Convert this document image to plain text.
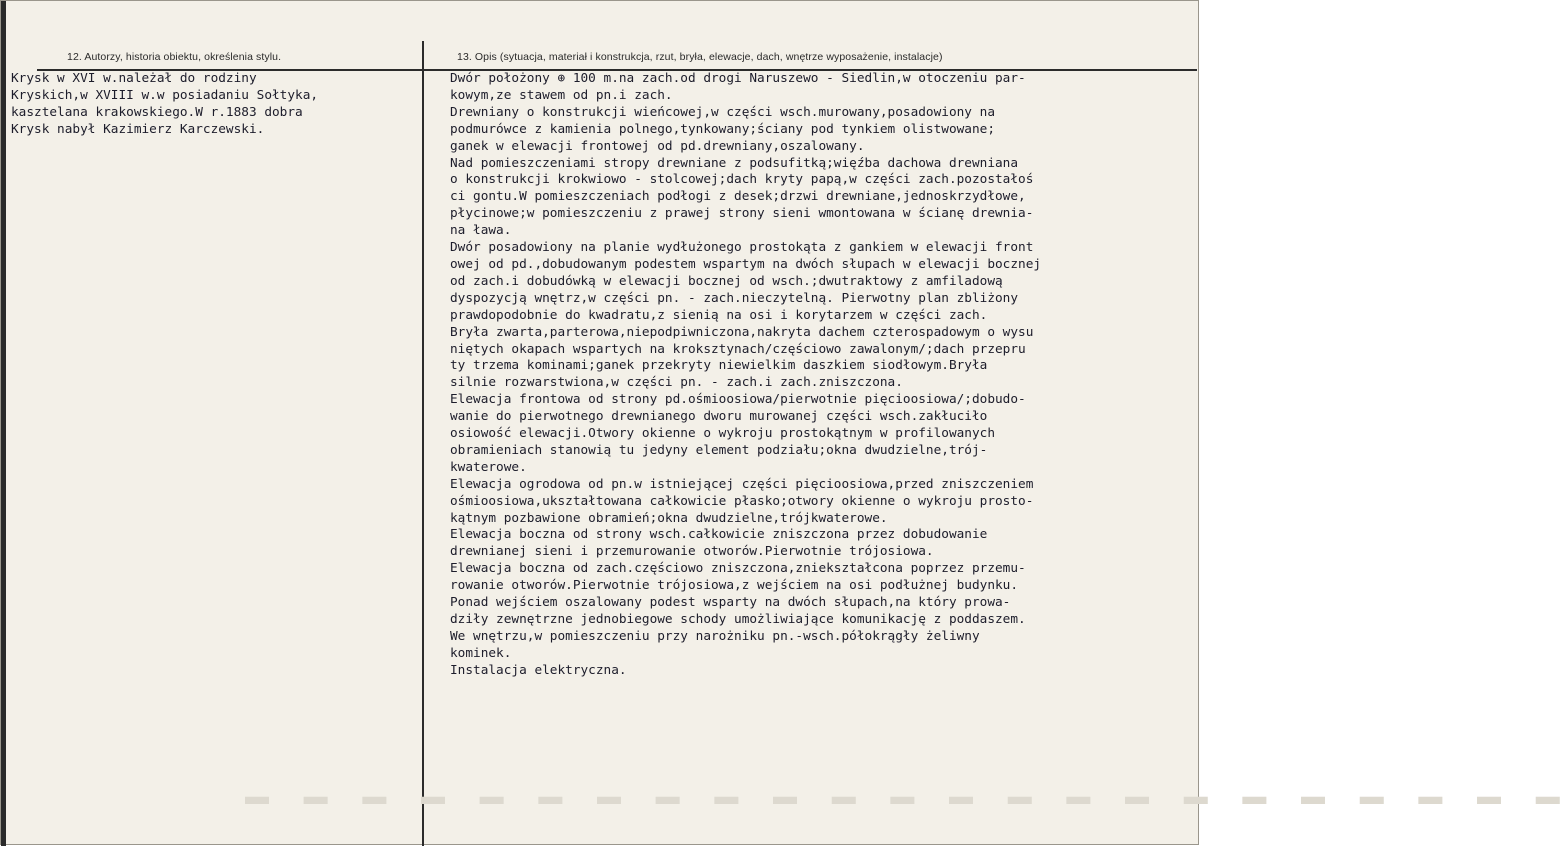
12. Autorzy, historia obiektu, określenia stylu.	13. Opis (sytuacja, materiał i konstrukcja, rzut, bryła, elewacje, dach, wnętrze wyposażenie, instalacje)
Krysk w XVI w.należał do rodziny
Kryskich,w XVIII w.w posiadaniu Sołtyka,
kasztelana krakowskiego.W r.1883 dobra
Krysk nabył Kazimierz Karczewski.
Dwór położony ⊕ 100 m.na zach.od drogi Naruszewo - Siedlin,w otoczeniu par-
kowym,ze stawem od pn.i zach.
Drewniany o konstrukcji wieńcowej,w części wsch.murowany,posadowiony na
podmurówce z kamienia polnego,tynkowany;ściany pod tynkiem olistwowane;
ganek w elewacji frontowej od pd.drewniany,oszalowany.
Nad pomieszczeniami stropy drewniane z podsufitką;więźba dachowa drewniana
o konstrukcji krokwiowo - stolcowej;dach kryty papą,w części zach.pozostałoś
ci gontu.W pomieszczeniach podłogi z desek;drzwi drewniane,jednoskrzydłowe,
płycinowe;w pomieszczeniu z prawej strony sieni wmontowana w ścianę drewnia-
na ława.
Dwór posadowiony na planie wydłużonego prostokąta z gankiem w elewacji front
owej od pd.,dobudowanym podestem wspartym na dwóch słupach w elewacji bocznej
od zach.i dobudówką w elewacji bocznej od wsch.;dwutraktowy z amfiladową
dyspozycją wnętrz,w części pn. - zach.nieczytelną. Pierwotny plan zbliżony
prawdopodobnie do kwadratu,z sienią na osi i korytarzem w części zach.
Bryła zwarta,parterowa,niepodpiwniczona,nakryta dachem czterospadowym o wysu
niętych okapach wspartych na kroksztynach/częściowo zawalonym/;dach przepru
ty trzema kominami;ganek przekryty niewielkim daszkiem siodłowym.Bryła
silnie rozwarstwiona,w części pn. - zach.i zach.zniszczona.
Elewacja frontowa od strony pd.ośmioosiowa/pierwotnie pięcioosiowa/;dobudo-
wanie do pierwotnego drewnianego dworu murowanej części wsch.zakłuciło
osiowość elewacji.Otwory okienne o wykroju prostokątnym w profilowanych
obramieniach stanowią tu jedyny element podziału;okna dwudzielne,trój-
kwaterowe.
Elewacja ogrodowa od pn.w istniejącej części pięcioosiowa,przed zniszczeniem
ośmioosiowa,ukształtowana całkowicie płasko;otwory okienne o wykroju prosto-
kątnym pozbawione obramień;okna dwudzielne,trójkwaterowe.
Elewacja boczna od strony wsch.całkowicie zniszczona przez dobudowanie
drewnianej sieni i przemurowanie otworów.Pierwotnie trójosiowa.
Elewacja boczna od zach.częściowo zniszczona,zniekształcona poprzez przemu-
rowanie otworów.Pierwotnie trójosiowa,z wejściem na osi podłużnej budynku.
Ponad wejściem oszalowany podest wsparty na dwóch słupach,na który prowa-
dziły zewnętrzne jednobiegowe schody umożliwiające komunikację z poddaszem.
We wnętrzu,w pomieszczeniu przy narożniku pn.-wsch.półokrągły żeliwny
kominek.
Instalacja elektryczna.
▬ ▬ ▬ ▬ ▬ ▬ ▬ ▬ ▬ ▬ ▬ ▬ ▬ ▬ ▬ ▬ ▬ ▬ ▬ ▬ ▬ ▬ ▬
